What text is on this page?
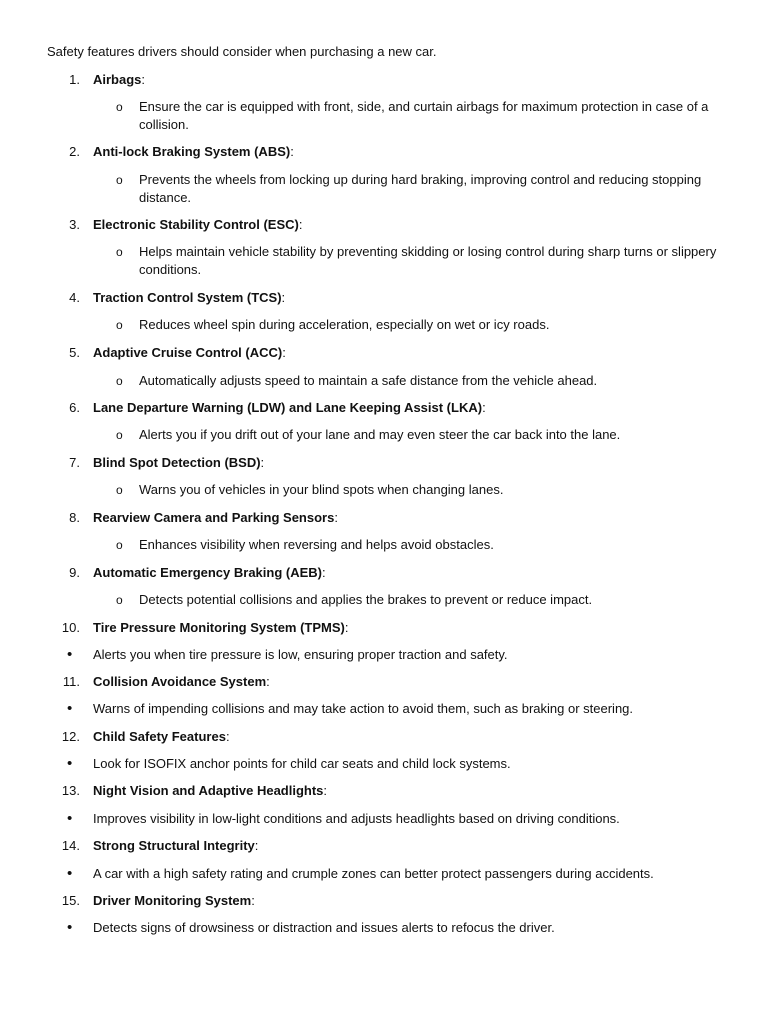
Safety features drivers should consider when purchasing a new car.
1. Airbags:
o Ensure the car is equipped with front, side, and curtain airbags for maximum protection in case of a collision.
2. Anti-lock Braking System (ABS):
o Prevents the wheels from locking up during hard braking, improving control and reducing stopping distance.
3. Electronic Stability Control (ESC):
o Helps maintain vehicle stability by preventing skidding or losing control during sharp turns or slippery conditions.
4. Traction Control System (TCS):
o Reduces wheel spin during acceleration, especially on wet or icy roads.
5. Adaptive Cruise Control (ACC):
o Automatically adjusts speed to maintain a safe distance from the vehicle ahead.
6. Lane Departure Warning (LDW) and Lane Keeping Assist (LKA):
o Alerts you if you drift out of your lane and may even steer the car back into the lane.
7. Blind Spot Detection (BSD):
o Warns you of vehicles in your blind spots when changing lanes.
8. Rearview Camera and Parking Sensors:
o Enhances visibility when reversing and helps avoid obstacles.
9. Automatic Emergency Braking (AEB):
o Detects potential collisions and applies the brakes to prevent or reduce impact.
10. Tire Pressure Monitoring System (TPMS):
• Alerts you when tire pressure is low, ensuring proper traction and safety.
11. Collision Avoidance System:
• Warns of impending collisions and may take action to avoid them, such as braking or steering.
12. Child Safety Features:
• Look for ISOFIX anchor points for child car seats and child lock systems.
13. Night Vision and Adaptive Headlights:
• Improves visibility in low-light conditions and adjusts headlights based on driving conditions.
14. Strong Structural Integrity:
• A car with a high safety rating and crumple zones can better protect passengers during accidents.
15. Driver Monitoring System:
• Detects signs of drowsiness or distraction and issues alerts to refocus the driver.
